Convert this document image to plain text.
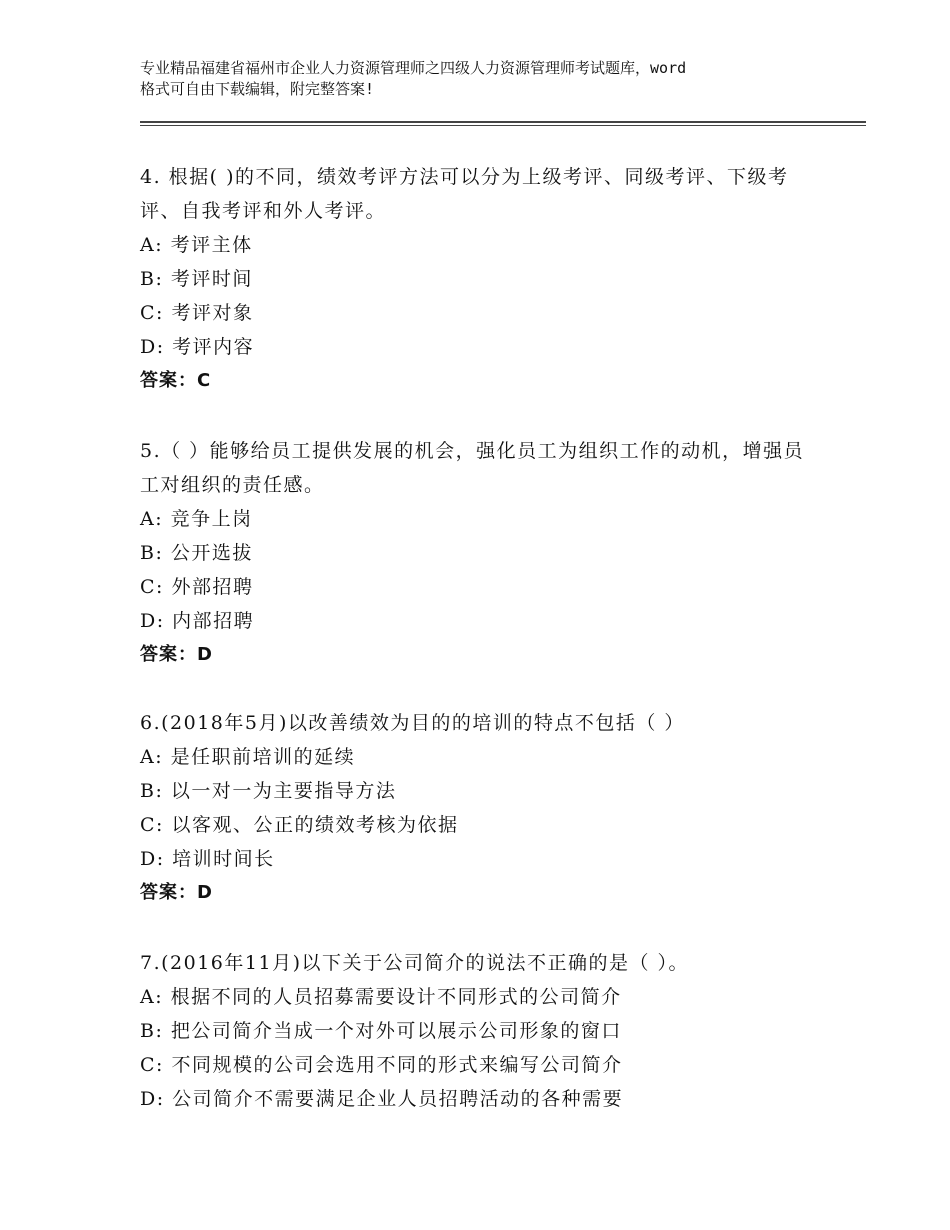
专业精品福建省福州市企业人力资源管理师之四级人力资源管理师考试题库，word
格式可自由下载编辑，附完整答案!

4. 根据( )的不同，绩效考评方法可以分为上级考评、同级考评、下级考评、自我考评和外人考评。

A: 考评主体

B: 考评时间

C: 考评对象

D: 考评内容

答案：C

5.（ ）能够给员工提供发展的机会，强化员工为组织工作的动机，增强员工对组织的责任感。

A: 竞争上岗

B: 公开选拔

C: 外部招聘

D: 内部招聘

答案：D

6.(2018年5月)以改善绩效为目的的培训的特点不包括（ ）

A: 是任职前培训的延续

B: 以一对一为主要指导方法

C: 以客观、公正的绩效考核为依据

D: 培训时间长

答案：D

7.(2016年11月)以下关于公司简介的说法不正确的是（ ）。

A: 根据不同的人员招募需要设计不同形式的公司简介

B: 把公司简介当成一个对外可以展示公司形象的窗口

C: 不同规模的公司会选用不同的形式来编写公司简介

D: 公司简介不需要满足企业人员招聘活动的各种需要
